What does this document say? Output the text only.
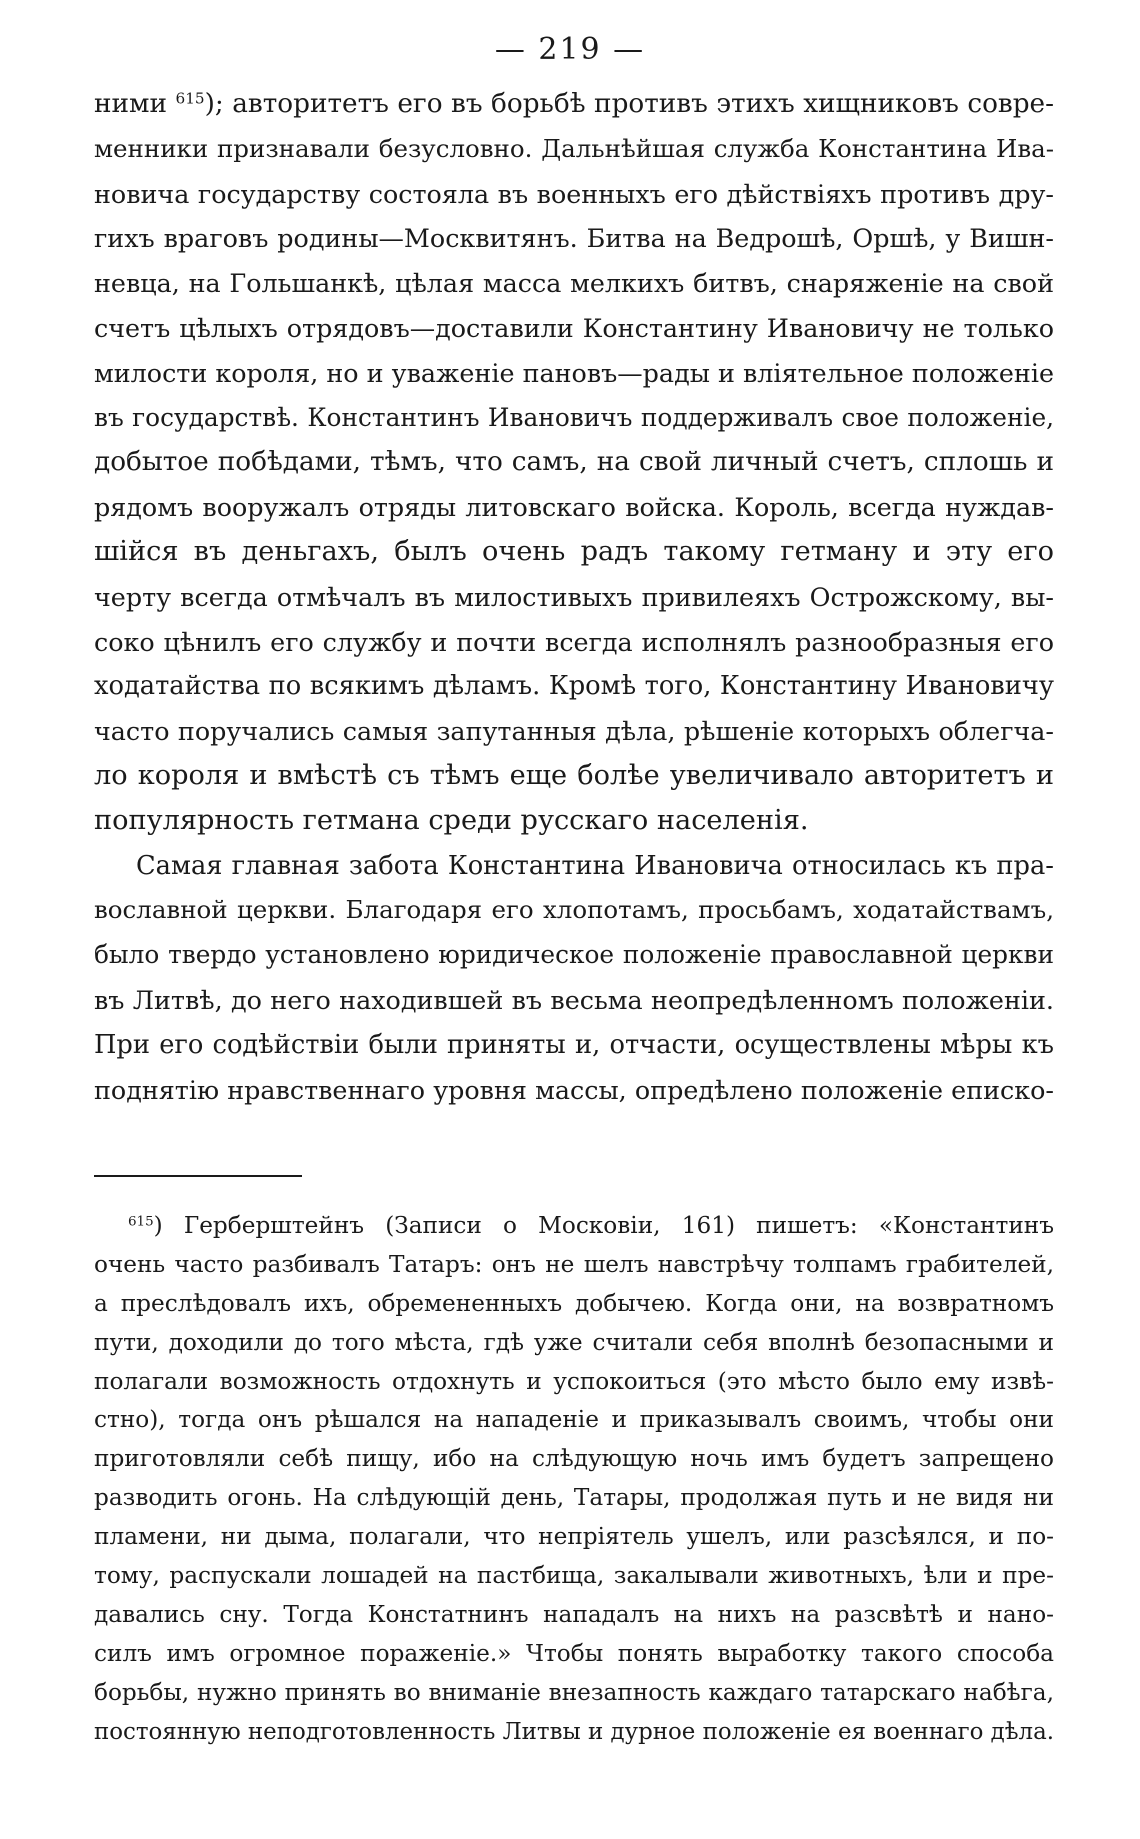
— 219 —
ними $^{615}$); авторитетъ его въ борьбѣ противъ этихъ хищниковъ совре-
менники признавали безусловно. Дальнѣйшая служба Константина Ива-
новича государству состояла въ военныхъ его дѣйствіяхъ противъ дру-
гихъ враговъ родины—Москвитянъ. Битва на Ведрошѣ, Оршѣ, у Вишн-
невца, на Гольшанкѣ, цѣлая масса мелкихъ битвъ, снаряженіе на свой
счетъ цѣлыхъ отрядовъ—доставили Константину Ивановичу не только
милости короля, но и уваженіе пановъ—рады и вліятельное положеніе
въ государствѣ. Константинъ Ивановичъ поддерживалъ свое положеніе,
добытое побѣдами, тѣмъ, что самъ, на свой личный счетъ, сплошь и
рядомъ вооружалъ отряды литовскаго войска. Король, всегда нуждав-
шійся въ деньгахъ, былъ очень радъ такому гетману и эту его
черту всегда отмѣчалъ въ милостивыхъ привилеяхъ Острожскому, вы-
соко цѣнилъ его службу и почти всегда исполнялъ разнообразныя его
ходатайства по всякимъ дѣламъ. Кромѣ того, Константину Ивановичу
часто поручались самыя запутанныя дѣла, рѣшеніе которыхъ облегча-
ло короля и вмѣстѣ съ тѣмъ еще болѣе увеличивало авторитетъ и
популярность гетмана среди русскаго населенія.
Самая главная забота Константина Ивановича относилась къ пра-
вославной церкви. Благодаря его хлопотамъ, просьбамъ, ходатайствамъ,
было твердо установлено юридическое положеніе православной церкви
въ Литвѣ, до него находившей въ весьма неопредѣленномъ положеніи.
При его содѣйствіи были приняты и, отчасти, осуществлены мѣры къ
поднятію нравственнаго уровня массы, опредѣлено положеніе еписко-
$^{615}$) Герберштейнъ (Записи о Московіи, 161) пишетъ: «Константинъ
очень часто разбивалъ Татаръ: онъ не шелъ навстрѣчу толпамъ грабителей,
а преслѣдовалъ ихъ, обремененныхъ добычею. Когда они, на возвратномъ
пути, доходили до того мѣста, гдѣ уже считали себя вполнѣ безопасными и
полагали возможность отдохнуть и успокоиться (это мѣсто было ему извѣ-
стно), тогда онъ рѣшался на нападеніе и приказывалъ своимъ, чтобы они
приготовляли себѣ пищу, ибо на слѣдующую ночь имъ будетъ запрещено
разводить огонь. На слѣдующій день, Татары, продолжая путь и не видя ни
пламени, ни дыма, полагали, что непріятель ушелъ, или разсѣялся, и по-
тому, распускали лошадей на пастбища, закалывали животныхъ, ѣли и пре-
давались сну. Тогда Констатнинъ нападалъ на нихъ на разсвѣтѣ и нано-
силъ имъ огромное пораженіе.» Чтобы понять выработку такого способа
борьбы, нужно принять во вниманіе внезапность каждаго татарскаго набѣга,
постоянную неподготовленность Литвы и дурное положеніе ея военнаго дѣла.
